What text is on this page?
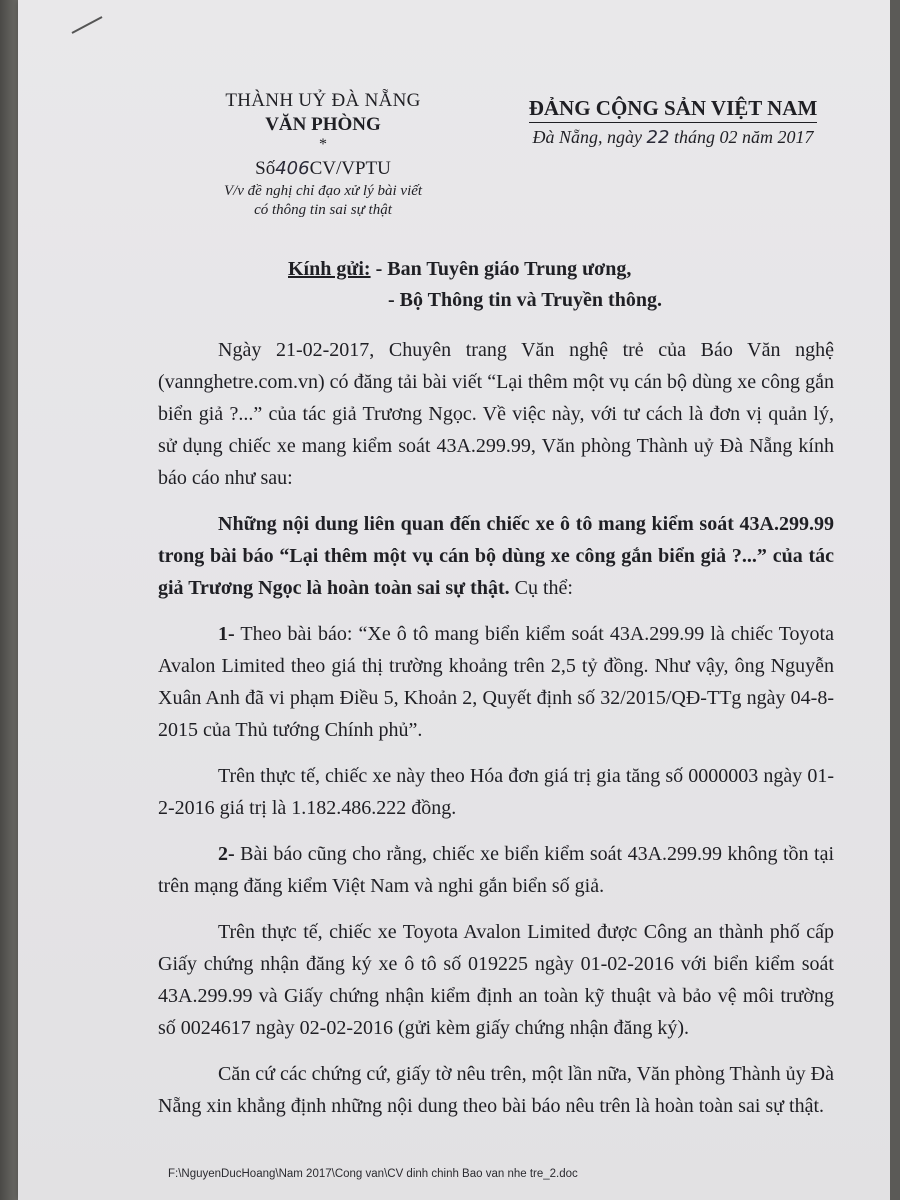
THÀNH UỶ ĐÀ NẴNG
VĂN PHÒNG
*
Số406CV/VPTU
V/v đề nghị chỉ đạo xử lý bài viết
có thông tin sai sự thật
ĐẢNG CỘNG SẢN VIỆT NAM
Đà Nẵng, ngày 22 tháng 02 năm 2017
Kính gửi: - Ban Tuyên giáo Trung ương,
- Bộ Thông tin và Truyền thông.

Ngày 21-02-2017, Chuyên trang Văn nghệ trẻ của Báo Văn nghệ (vannghetre.com.vn) có đăng tải bài viết “Lại thêm một vụ cán bộ dùng xe công gắn biển giả ?...” của tác giả Trương Ngọc. Về việc này, với tư cách là đơn vị quản lý, sử dụng chiếc xe mang kiểm soát 43A.299.99, Văn phòng Thành uỷ Đà Nẵng kính báo cáo như sau:

Những nội dung liên quan đến chiếc xe ô tô mang kiểm soát 43A.299.99 trong bài báo “Lại thêm một vụ cán bộ dùng xe công gắn biển giả ?...” của tác giả Trương Ngọc là hoàn toàn sai sự thật. Cụ thể:

1- Theo bài báo: “Xe ô tô mang biển kiểm soát 43A.299.99 là chiếc Toyota Avalon Limited theo giá thị trường khoảng trên 2,5 tỷ đồng. Như vậy, ông Nguyễn Xuân Anh đã vi phạm Điều 5, Khoản 2, Quyết định số 32/2015/QĐ-TTg ngày 04-8-2015 của Thủ tướng Chính phủ”.

Trên thực tế, chiếc xe này theo Hóa đơn giá trị gia tăng số 0000003 ngày 01-2-2016 giá trị là 1.182.486.222 đồng.

2- Bài báo cũng cho rằng, chiếc xe biển kiểm soát 43A.299.99 không tồn tại trên mạng đăng kiểm Việt Nam và nghi gắn biển số giả.

Trên thực tế, chiếc xe Toyota Avalon Limited được Công an thành phố cấp Giấy chứng nhận đăng ký xe ô tô số 019225 ngày 01-02-2016 với biển kiểm soát 43A.299.99 và Giấy chứng nhận kiểm định an toàn kỹ thuật và bảo vệ môi trường số 0024617 ngày 02-02-2016 (gửi kèm giấy chứng nhận đăng ký).

Căn cứ các chứng cứ, giấy tờ nêu trên, một lần nữa, Văn phòng Thành ủy Đà Nẵng xin khẳng định những nội dung theo bài báo nêu trên là hoàn toàn sai sự thật.

F:\NguyenDucHoang\Nam 2017\Cong van\CV dinh chinh Bao van nhe tre_2.doc
